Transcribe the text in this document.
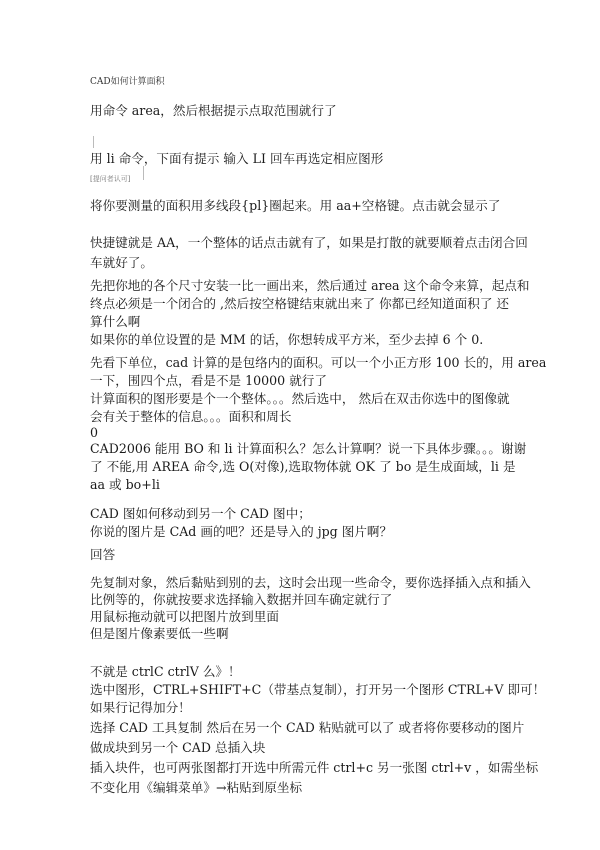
CAD如何计算面积

用命令 area，然后根据提示点取范围就行了

用 li 命令，下面有提示 输入 LI 回车再选定相应图形

[提问者认可]

将你要测量的面积用多线段{pl}圈起来。用 aa+空格键。点击就会显示了

快捷键就是 AA，一个整体的话点击就有了，如果是打散的就要顺着点击闭合回

车就好了。

先把你地的各个尺寸安装一比一画出来，然后通过 area 这个命令来算，起点和

终点必须是一个闭合的 ,然后按空格键结束就出来了 你都已经知道面积了 还

算什么啊

如果你的单位设置的是 MM 的话，你想转成平方米，至少去掉 6 个 0.

先看下单位，cad 计算的是包络内的面积。可以一个小正方形 100 长的，用 area

一下，围四个点，看是不是 10000 就行了

计算面积的图形要是个一个整体。。。然后选中， 然后在双击你选中的图像就

会有关于整体的信息。。。面积和周长

0

CAD2006 能用 BO 和 li 计算面积么？怎么计算啊？说一下具体步骤。。。谢谢

了 不能,用 AREA 命令,选 O(对像),选取物体就 OK 了 bo 是生成面域，li 是

aa 或 bo+li

CAD 图如何移动到另一个 CAD 图中；

你说的图片是 CAd 画的吧？还是导入的 jpg 图片啊？

回答

先复制对象，然后黏贴到别的去，这时会出现一些命令，要你选择插入点和插入

比例等的，你就按要求选择输入数据并回车确定就行了

用鼠标拖动就可以把图片放到里面

但是图片像素要低一些啊

不就是 ctrlC ctrlV 么》！

选中图形，CTRL+SHIFT+C（带基点复制），打开另一个图形 CTRL+V 即可！

如果行记得加分！

选择 CAD 工具复制 然后在另一个 CAD 粘贴就可以了 或者将你要移动的图片

做成块到另一个 CAD 总插入块

插入块件，也可两张图都打开选中所需元件 ctrl+c 另一张图 ctrl+v ，如需坐标

不变化用《编辑菜单》→粘贴到原坐标
